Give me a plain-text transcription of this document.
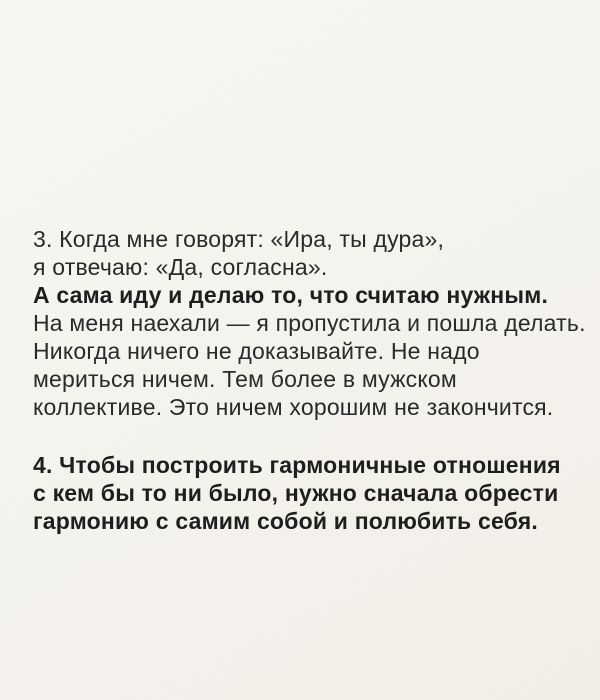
3. Когда мне говорят: «Ира, ты дура»,
я отвечаю: «Да, согласна».
А сама иду и делаю то, что считаю нужным.
На меня наехали — я пропустила и пошла делать.
Никогда ничего не доказывайте. Не надо
мериться ничем. Тем более в мужском
коллективе. Это ничем хорошим не закончится.
4. Чтобы построить гармоничные отношения
с кем бы то ни было, нужно сначала обрести
гармонию с самим собой и полюбить себя.
